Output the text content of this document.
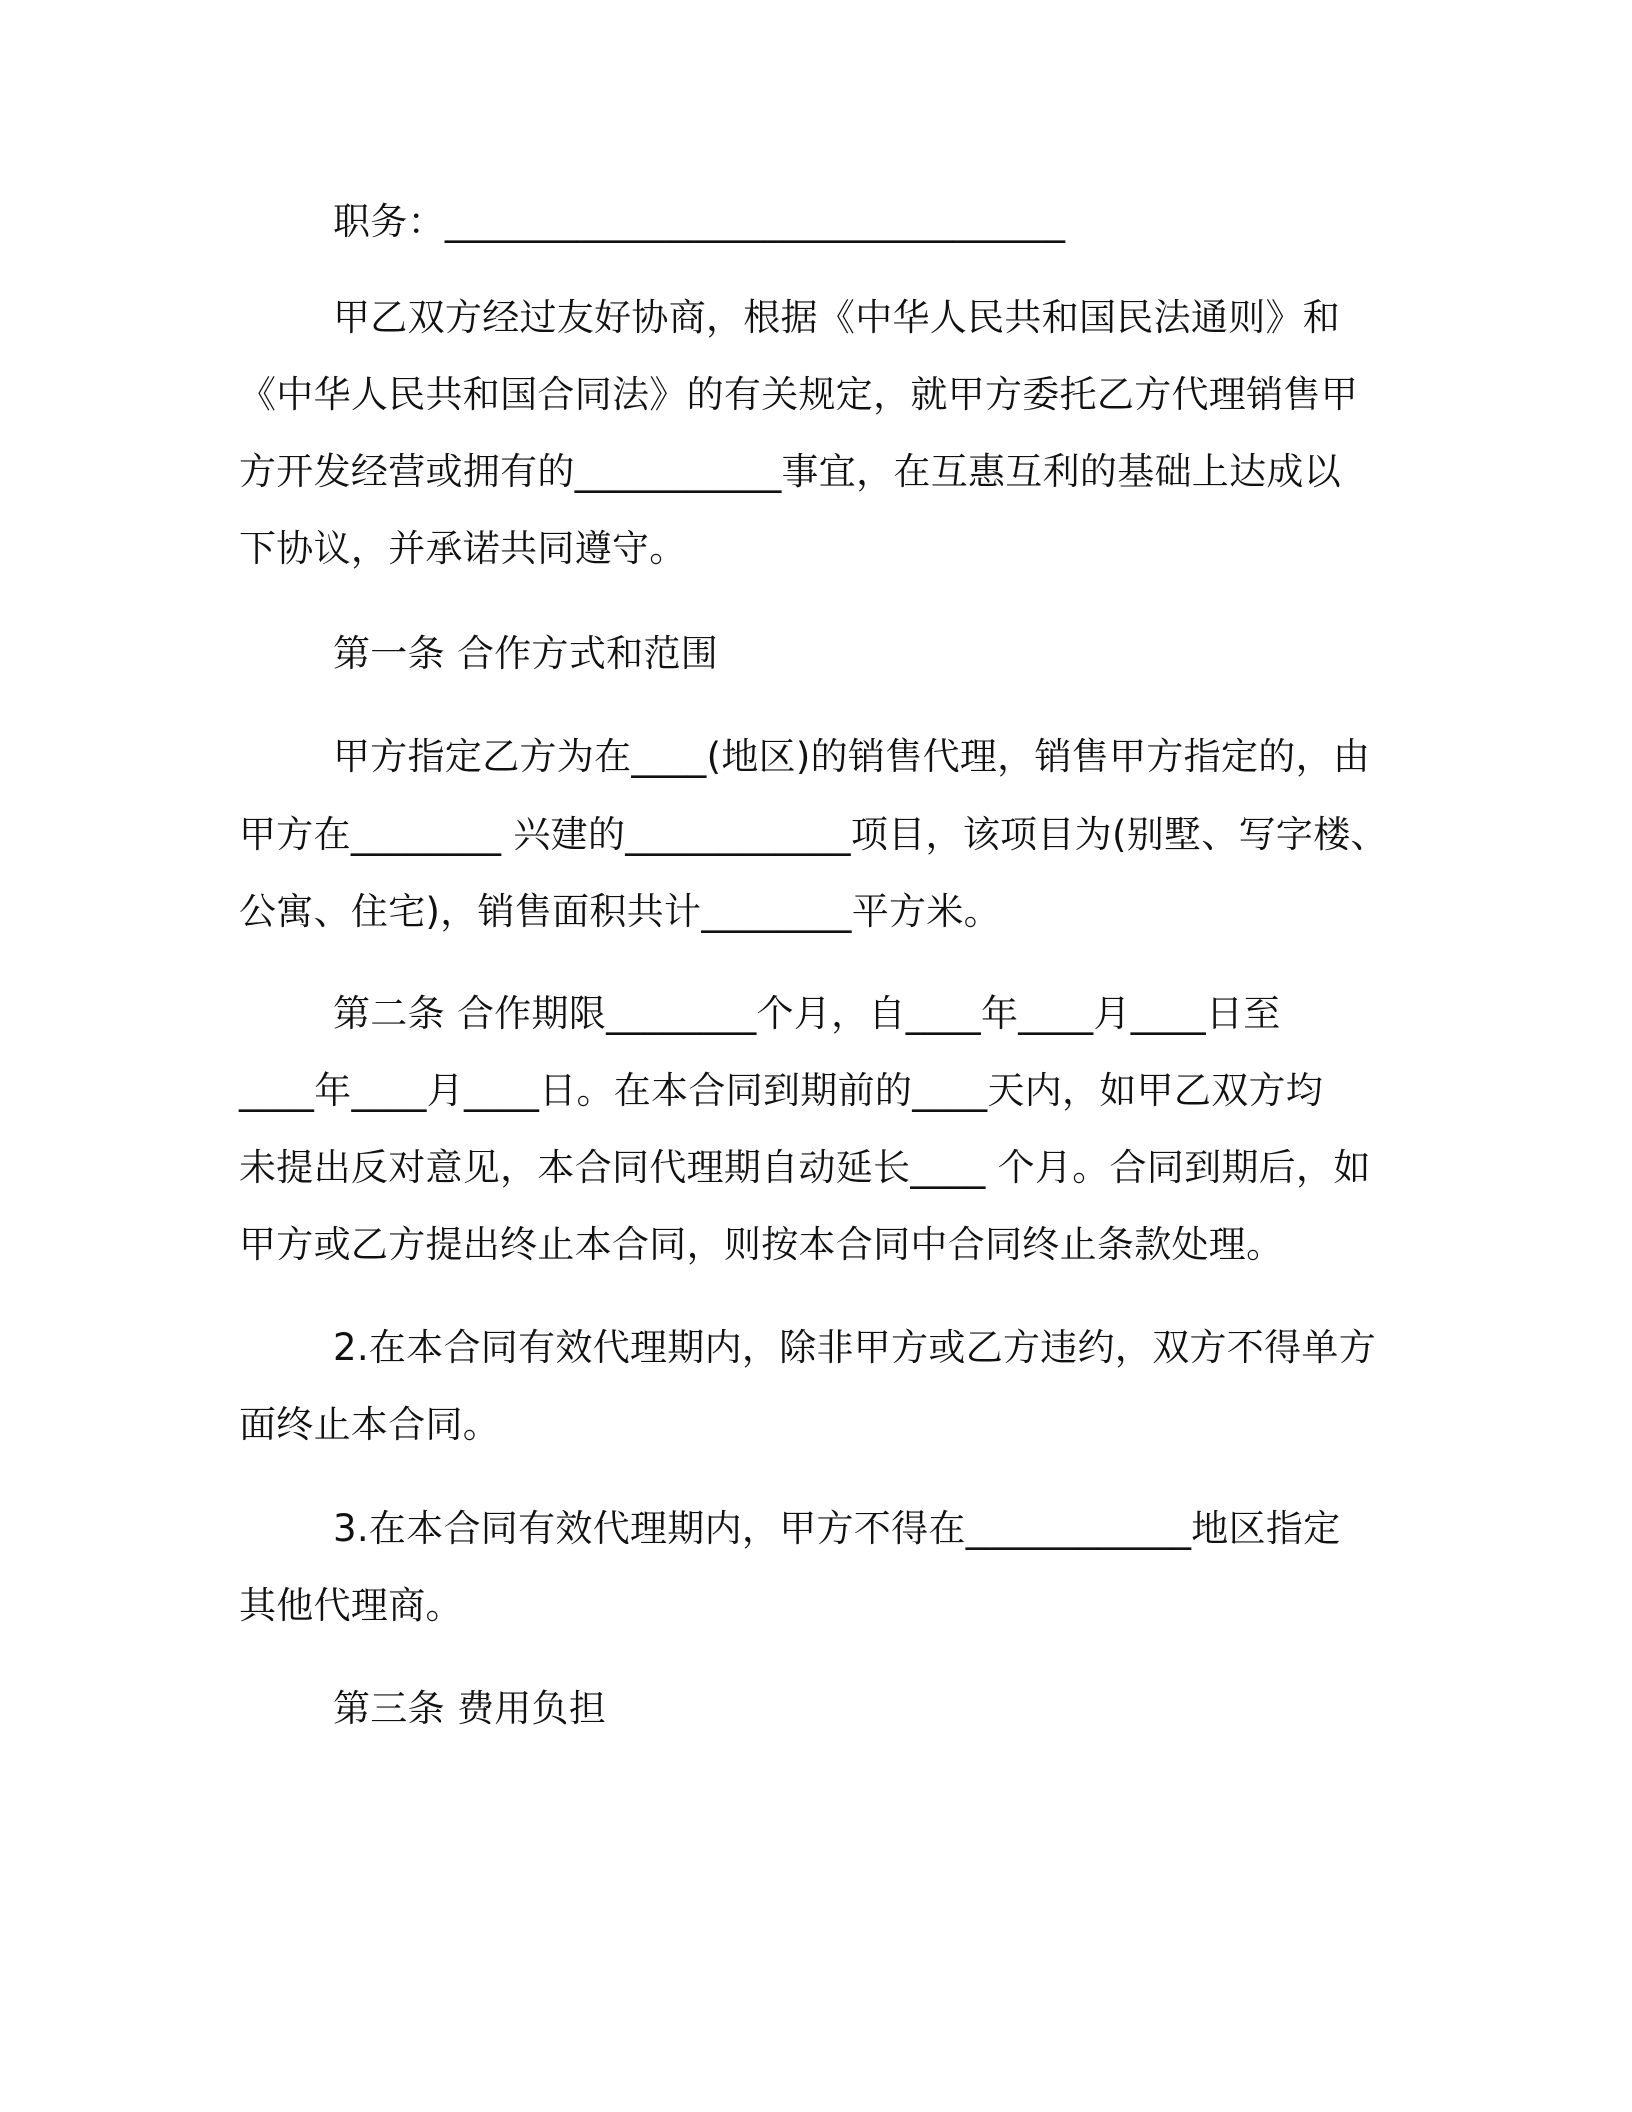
职务：_________________________________
甲乙双方经过友好协商，根据《中华人民共和国民法通则》和
《中华人民共和国合同法》的有关规定，就甲方委托乙方代理销售甲
方开发经营或拥有的___________事宜，在互惠互利的基础上达成以
下协议，并承诺共同遵守。
第一条 合作方式和范围
甲方指定乙方为在____(地区)的销售代理，销售甲方指定的，由
甲方在________ 兴建的____________项目，该项目为(别墅、写字楼、
公寓、住宅)，销售面积共计________平方米。
第二条 合作期限________个月，自____年____月____日至
____年____月____日。在本合同到期前的____天内，如甲乙双方均
未提出反对意见，本合同代理期自动延长____ 个月。合同到期后，如
甲方或乙方提出终止本合同，则按本合同中合同终止条款处理。
2.在本合同有效代理期内，除非甲方或乙方违约，双方不得单方
面终止本合同。
3.在本合同有效代理期内，甲方不得在____________地区指定
其他代理商。
第三条 费用负担
